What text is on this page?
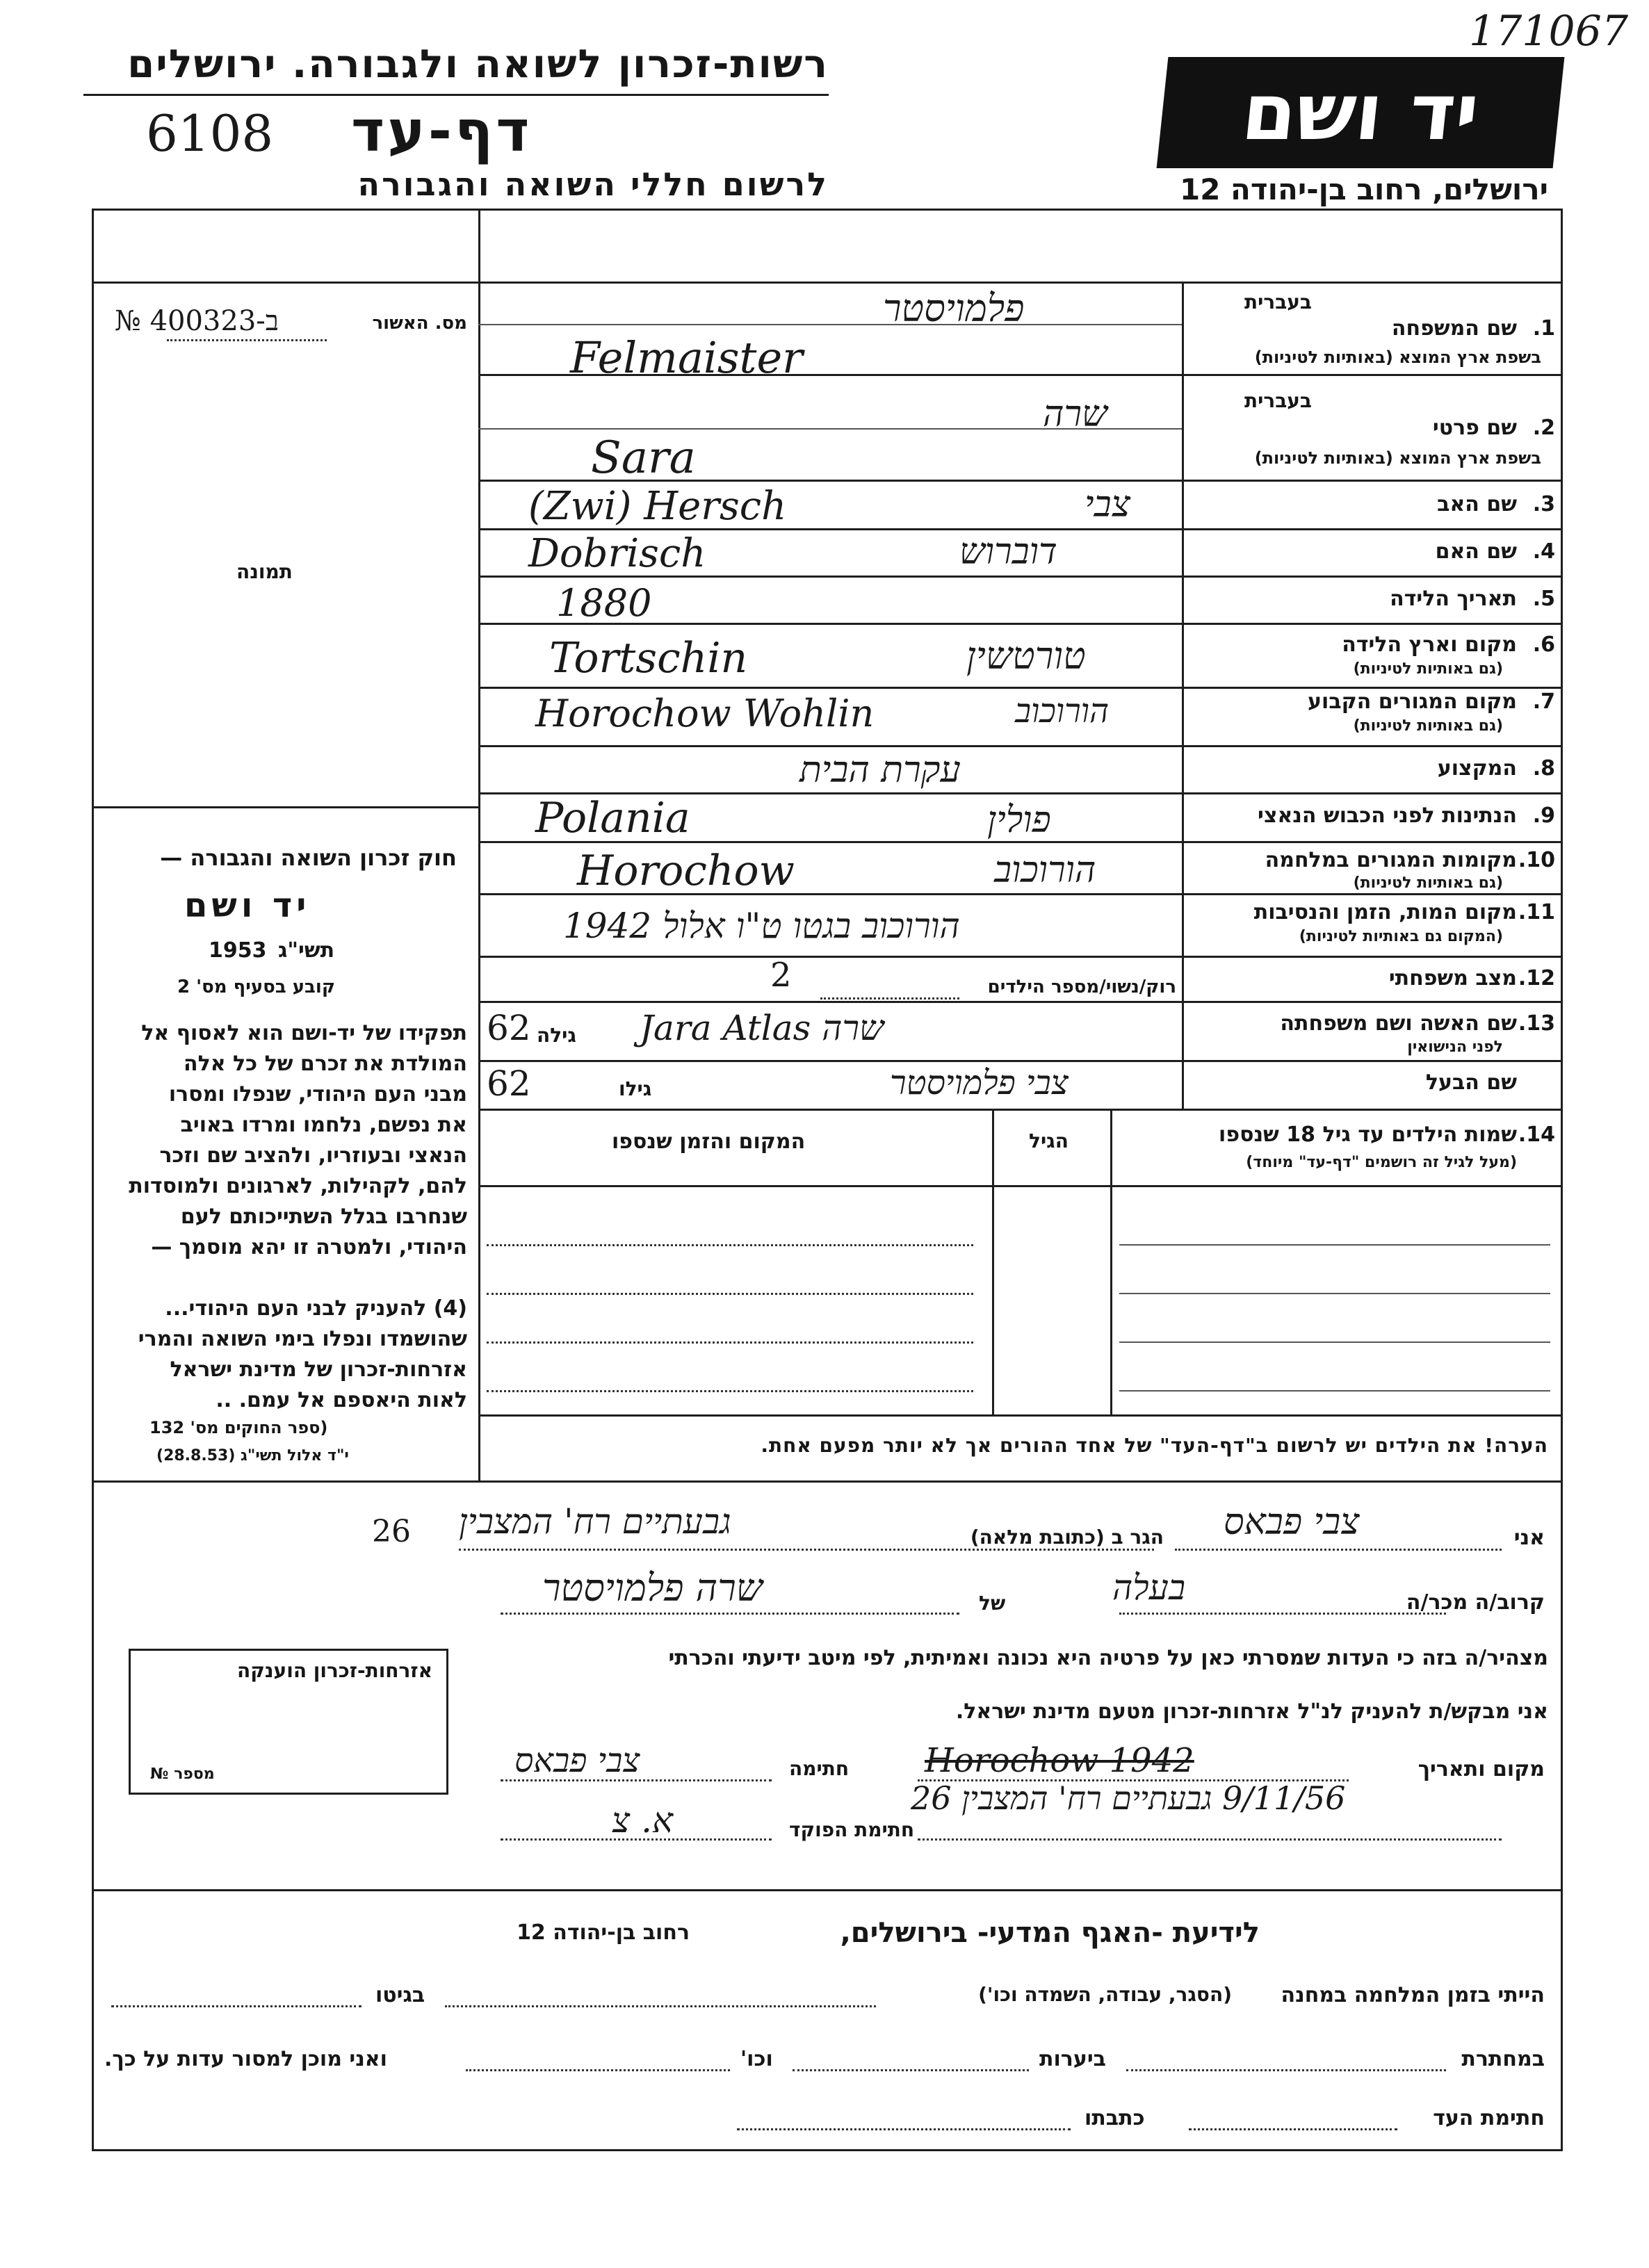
171067
רשות-זכרון לשואה ולגבורה. ירושלים
6108 דף-עד
לרשום חללי השואה והגבורה
יד ושם
ירושלים, רחוב בן-יהודה 12
מס. האשור
№ 400323-ב
תמונה
חוק זכרון השואה והגבורה —
יד ושם
תשי"ג
1953
קובע בסעיף מס' 2
תפקידו של יד-ושם הוא לאסוף אל
המולדת את זכרם של כל אלה
מבני העם היהודי, שנפלו ומסרו
את נפשם, נלחמו ומרדו באויב
הנאצי ובעוזריו, ולהציב שם וזכר
להם, לקהילות, לארגונים ולמוסדות
שנחרבו בגלל השתייכותם לעם
היהודי, ולמטרה זו יהא מוסמך —
(4) להעניק לבני העם היהודי...
שהושמדו ונפלו בימי השואה והמרי
אזרחות-זכרון של מדינת ישראל
לאות היאספם אל עמם. ..
(ספר החוקים מס' 132
י"ד אלול תשי"ג (28.8.53)
בעברית
1.
שם המשפחה
בשפת ארץ המוצא (באותיות לטיניות)
פלמויסטר
Felmaister
בעברית
2.
שם פרטי
בשפת ארץ המוצא (באותיות לטיניות)
שרה
Sara
3.
שם האב
(Zwi) Hersch	צבי
4.
שם האם
Dobrisch	דוברוש
5.
תאריך הלידה
1880
6.
מקום וארץ הלידה
(גם באותיות לטיניות)
Tortschin	טורטשין
7.
מקום המגורים הקבוע
(גם באותיות לטיניות)
Horochow Wohlin	הורוכוב
8.
המקצוע
עקרת הבית
9.
הנתינות לפני הכבוש הנאצי
Polania	פולין
10.
מקומות המגורים במלחמה
(גם באותיות לטיניות)
Horochow	הורוכוב
11.
מקום המות, הזמן והנסיבות
(המקום גם באותיות לטיניות)
הורוכוב בגטו ט"ו אלול 1942
12.
מצב משפחתי
רוק/נשוי/מספר הילדים
2
13.
שם האשה ושם משפחתה
לפני הנישואין
שרה Jara Atlas
גילה
62
שם הבעל
צבי פלמויסטר
גילו
62
14.
שמות הילדים עד גיל 18 שנספו
(מעל לגיל זה רושמים "דף-עד" מיוחד)
הגיל
המקום והזמן שנספו
הערה! את הילדים יש לרשום ב"דף-העד" של אחד ההורים אך לא יותר מפעם אחת.
אני
צבי פבאס
הגר ב (כתובת מלאה)
גבעתיים רח' המצבין
26
קרוב/ה מכר/ה
בעלה
של
שרה פלמויסטר
מצהיר/ה בזה כי העדות שמסרתי כאן על פרטיה היא נכונה ואמיתית, לפי מיטב ידיעתי והכרתי
אני מבקש/ת להעניק לנ"ל אזרחות-זכרון מטעם מדינת ישראל.
מקום ותאריך
Horochow 1942
חתימה
צבי פבאס
9/11/56 גבעתיים רח' המצבין 26
חתימת הפוקד
א. צ
אזרחות-זכרון הוענקה
מספר №
לידיעת -האגף המדעי- בירושלים,
רחוב בן-יהודה 12
הייתי בזמן המלחמה במחנה
(הסגר, עבודה, השמדה וכו')
בגיטו
במחתרת
ביערות
וכו'
ואני מוכן למסור עדות על כך.
חתימת העד
כתבתו
